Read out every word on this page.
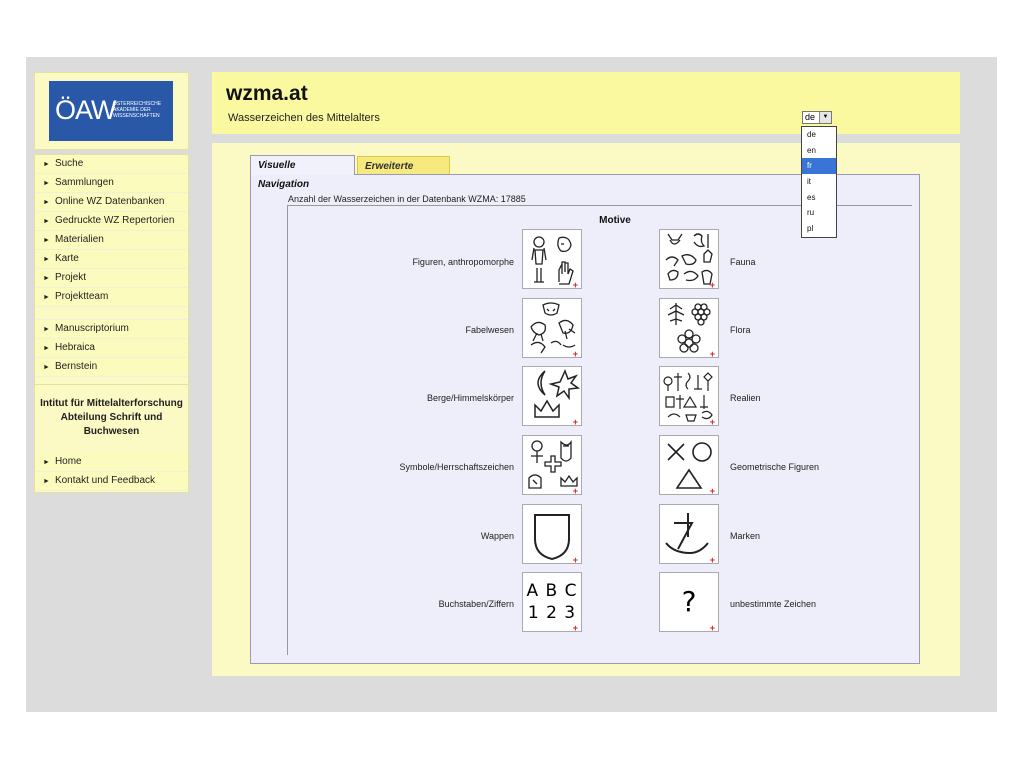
ÖAW
ÖSTERREICHISCHE AKADEMIE DER WISSENSCHAFTEN
► Suche
► Sammlungen
► Online WZ Datenbanken
► Gedruckte WZ Repertorien
► Materialien
► Karte
► Projekt
► Projektteam
► Manuscriptorium
► Hebraica
► Bernstein
Intitut für Mittelalterforschung Abteilung Schrift und Buchwesen
► Home
► Kontakt und Feedback
wzma.at
Wasserzeichen des Mittelalters	de	▼
de
en
fr
it
es
ru
pl
Visuelle Navigation
Erweiterte
Anzahl der Wasserzeichen in der Datenbank WZMA: 17885
Motive
Figuren, anthropomorphe
Fabelwesen
Berge/Himmelskörper
Symbole/Herrschaftszeichen
Wappen
Buchstaben/Ziffern
Fauna
Flora
Realien
Geometrische Figuren
Marken
unbestimmte Zeichen
+
+
+
+
+
A B C
1 2 3
+
+
+
+
+
+
?
+
